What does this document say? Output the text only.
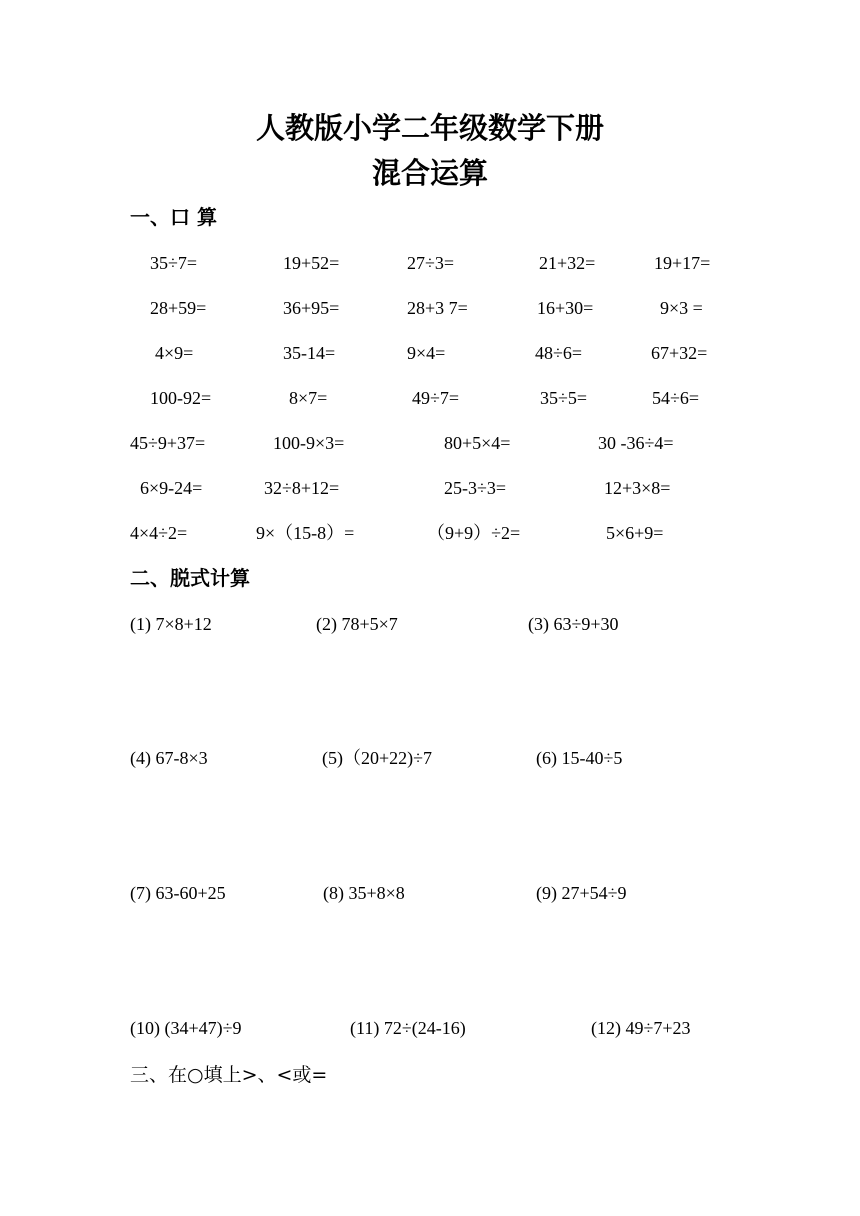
人教版小学二年级数学下册
混合运算
一、口 算
35÷7=	19+52=	27÷3=	21+32=	19+17=
28+59=	36+95=	28+3 7=	16+30=	9×3 =
4×9=	35-14=	9×4=	48÷6=	67+32=
100-92=	8×7=	49÷7=	35÷5=	54÷6=
45÷9+37=	100-9×3=	80+5×4=	30 -36÷4=
6×9-24=	32÷8+12=	25-3÷3=	12+3×8=
4×4÷2=	9×（15-8）=	（9+9）÷2=	5×6+9=
二、脱式计算
(1) 7×8+12	(2) 78+5×7	(3) 63÷9+30
(4) 67-8×3	(5)（20+22)÷7	(6) 15-40÷5
(7) 63-60+25	(8) 35+8×8	(9) 27+54÷9
(10) (34+47)÷9	(11) 72÷(24-16)	(12) 49÷7+23
三、在○填上>、<或=
